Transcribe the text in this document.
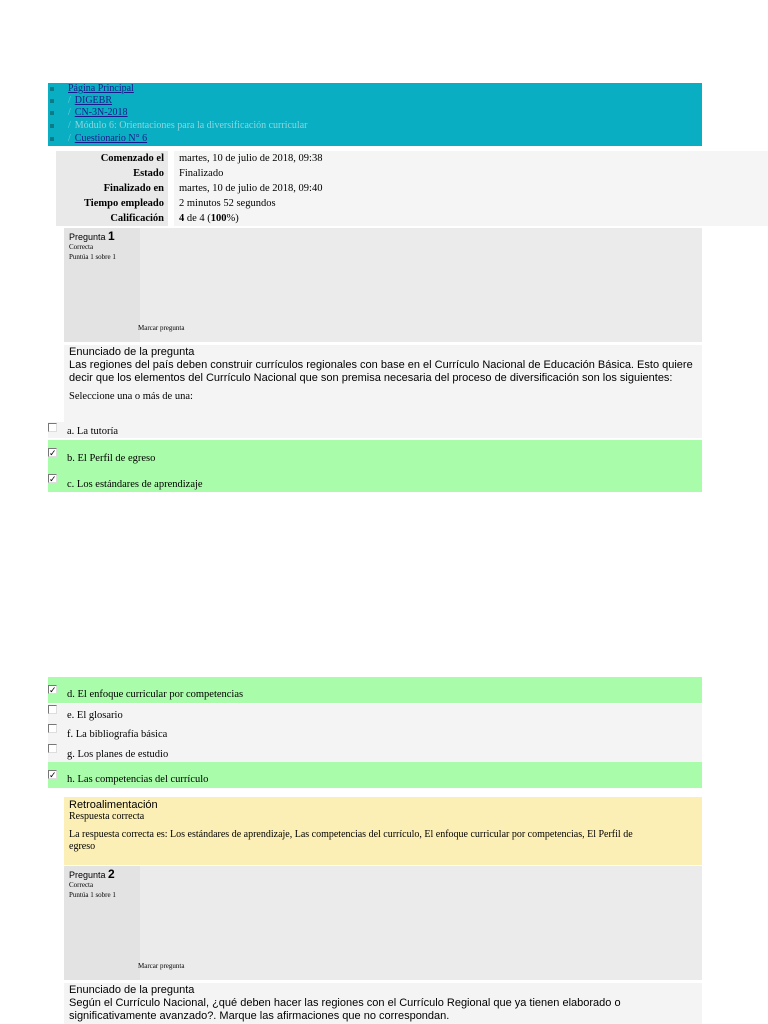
Página Principal
/ DIGEBR
/ CN-3N-2018
/ Módulo 6: Orientaciones para la diversificación curricular
/ Cuestionario N° 6
Comenzado el	martes, 10 de julio de 2018, 09:38
Estado	Finalizado
Finalizado en	martes, 10 de julio de 2018, 09:40
Tiempo empleado	2 minutos 52 segundos
Calificación	4 de 4 (100%)
Pregunta 1
Correcta
Puntúa 1 sobre 1
Marcar pregunta
Enunciado de la pregunta
Las regiones del país deben construir currículos regionales con base en el Currículo Nacional de Educación Básica. Esto quiere decir que los elementos del Currículo Nacional que son premisa necesaria del proceso de diversificación son los siguientes:
Seleccione una o más de una:
a. La tutoría
✓ b. El Perfil de egreso
✓ c. Los estándares de aprendizaje
✓ d. El enfoque curricular por competencias
e. El glosario
f. La bibliografía básica
g. Los planes de estudio
✓ h. Las competencias del currículo
Retroalimentación
Respuesta correcta
La respuesta correcta es: Los estándares de aprendizaje, Las competencias del currículo, El enfoque curricular por competencias, El Perfil de
egreso
Pregunta 2
Correcta
Puntúa 1 sobre 1
Marcar pregunta
Enunciado de la pregunta
Según el Currículo Nacional, ¿qué deben hacer las regiones con el Currículo Regional que ya tienen elaborado o
significativamente avanzado?. Marque las afirmaciones que no correspondan.
